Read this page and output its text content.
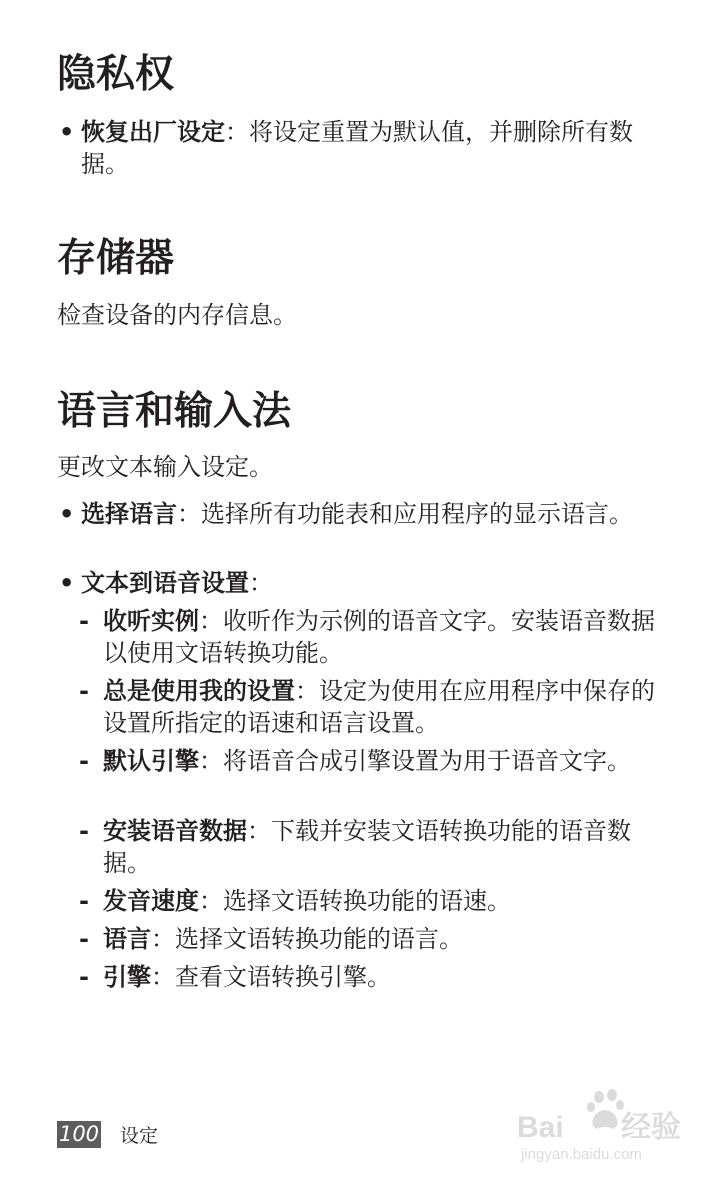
隐私权
• 恢复出厂设定：将设定重置为默认值，并删除所有数据。
存储器

检查设备的内存信息。

语言和输入法

更改文本输入设定。

• 选择语言：选择所有功能表和应用程序的显示语言。
• 文本到语音设置：
- 收听实例：收听作为示例的语音文字。安装语音数据以使用文语转换功能。
- 总是使用我的设置：设定为使用在应用程序中保存的设置所指定的语速和语言设置。
- 默认引擎：将语音合成引擎设置为用于语音文字。
- 安装语音数据：下载并安装文语转换功能的语音数据。
- 发音速度：选择文语转换功能的语速。
- 语言：选择文语转换功能的语言。
- 引擎：查看文语转换引擎。
100 设定	Bai 经验
jingyan.baidu.com
